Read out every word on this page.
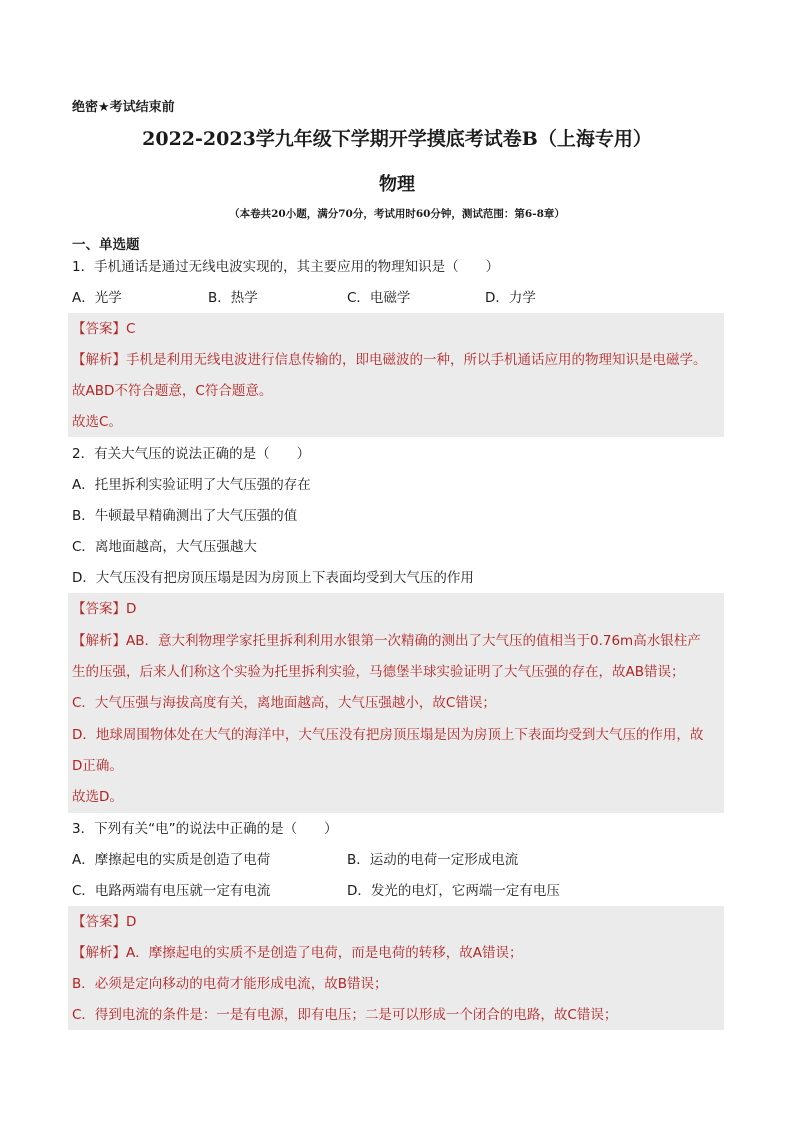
绝密★考试结束前
2022-2023学九年级下学期开学摸底考试卷B（上海专用）
物理
（本卷共20小题，满分70分，考试用时60分钟，测试范围：第6-8章）
一、单选题
1．手机通话是通过无线电波实现的，其主要应用的物理知识是（　　）
A．光学	B．热学	C．电磁学	D．力学
【答案】C
【解析】手机是利用无线电波进行信息传输的，即电磁波的一种，所以手机通话应用的物理知识是电磁学。
故ABD不符合题意，C符合题意。
故选C。
2．有关大气压的说法正确的是（　　）
A．托里拆利实验证明了大气压强的存在
B．牛顿最早精确测出了大气压强的值
C．离地面越高，大气压强越大
D．大气压没有把房顶压塌是因为房顶上下表面均受到大气压的作用
【答案】D
【解析】AB．意大利物理学家托里拆利利用水银第一次精确的测出了大气压的值相当于0.76m高水银柱产
生的压强，后来人们称这个实验为托里拆利实验，马德堡半球实验证明了大气压强的存在，故AB错误；
C．大气压强与海拔高度有关，离地面越高，大气压强越小，故C错误；
D．地球周围物体处在大气的海洋中，大气压没有把房顶压塌是因为房顶上下表面均受到大气压的作用，故
D正确。
故选D。
3．下列有关“电”的说法中正确的是（　　）
A．摩擦起电的实质是创造了电荷	B．运动的电荷一定形成电流
C．电路两端有电压就一定有电流	D．发光的电灯，它两端一定有电压
【答案】D
【解析】A．摩擦起电的实质不是创造了电荷，而是电荷的转移，故A错误；
B．必须是定向移动的电荷才能形成电流，故B错误；
C．得到电流的条件是：一是有电源，即有电压；二是可以形成一个闭合的电路，故C错误；
